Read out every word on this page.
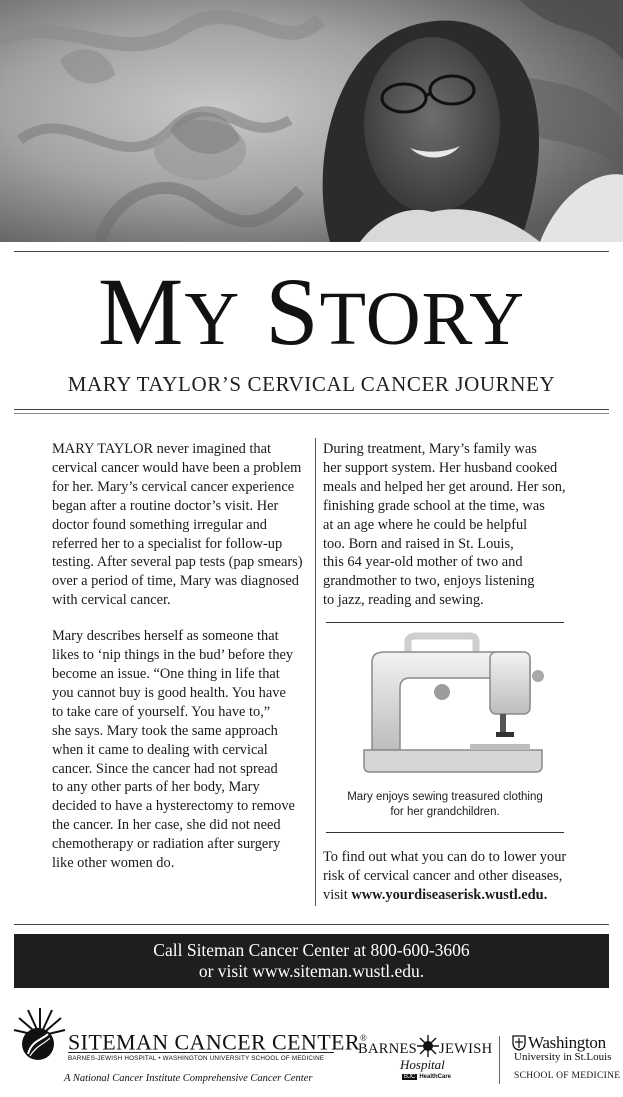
MY STORY
MARY TAYLOR’S CERVICAL CANCER JOURNEY

MARY TAYLOR never imagined that
cervical cancer would have been a problem
for her. Mary’s cervical cancer experience
began after a routine doctor’s visit. Her
doctor found something irregular and
referred her to a specialist for follow-up
testing. After several pap tests (pap smears)
over a period of time, Mary was diagnosed
with cervical cancer.

Mary describes herself as someone that
likes to ‘nip things in the bud’ before they
become an issue. “One thing in life that
you cannot buy is good health. You have
to take care of yourself. You have to,”
she says. Mary took the same approach
when it came to dealing with cervical
cancer. Since the cancer had not spread
to any other parts of her body, Mary
decided to have a hysterectomy to remove
the cancer. In her case, she did not need
chemotherapy or radiation after surgery
like other women do.

During treatment, Mary’s family was
her support system. Her husband cooked
meals and helped her get around. Her son,
finishing grade school at the time, was
at an age where he could be helpful
too. Born and raised in St. Louis,
this 64 year-old mother of two and
grandmother to two, enjoys listening
to jazz, reading and sewing.

Mary enjoys sewing treasured clothing
for her grandchildren.
To find out what you can do to lower your
risk of cervical cancer and other diseases,
visit www.yourdiseaserisk.wustl.edu.
Call Siteman Cancer Center at 800-600-3606
or visit www.siteman.wustl.edu.
SITEMAN CANCER CENTER®
BARNES-JEWISH HOSPITAL • WASHINGTON UNIVERSITY SCHOOL OF MEDICINE
A National Cancer Institute Comprehensive Cancer Center
BARNES JEWISH
Hospital
BJC HealthCare
Washington
University in St.Louis
SCHOOL OF MEDICINE
